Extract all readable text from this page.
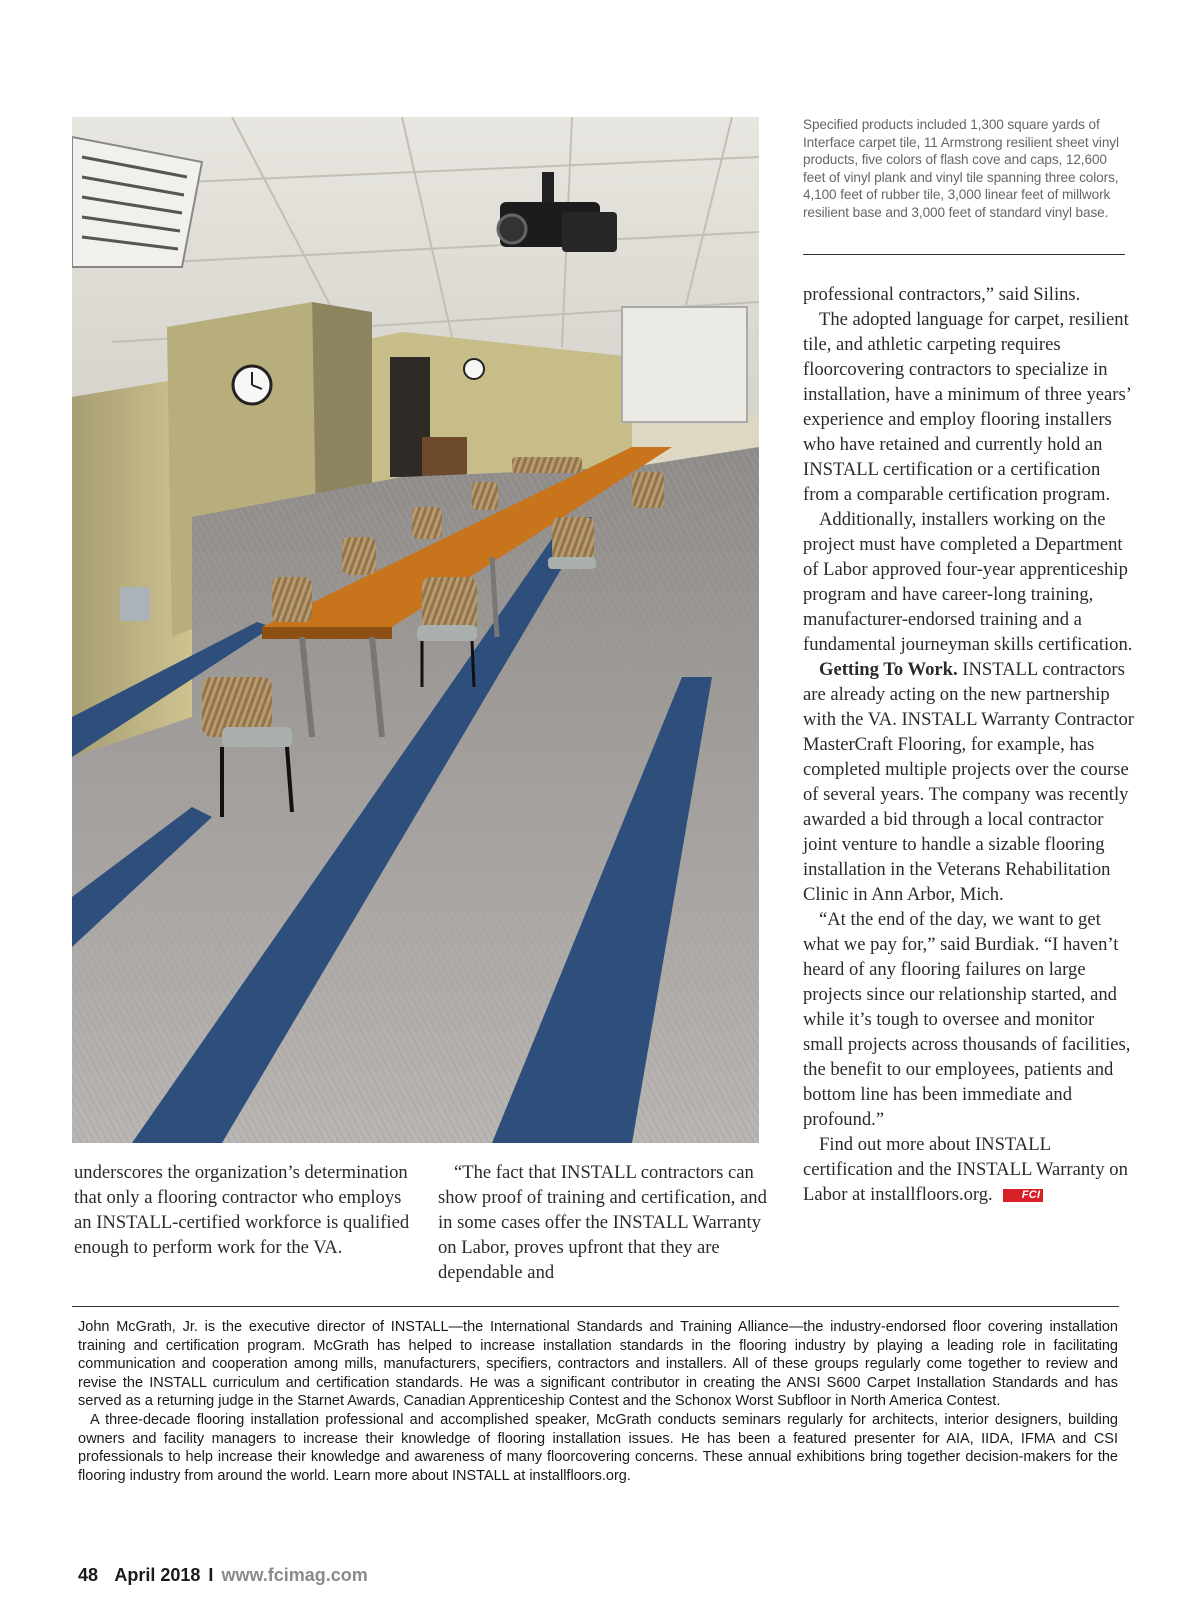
Specified products included 1,300 square yards of Interface carpet tile, 11 Armstrong resilient sheet vinyl products, five colors of flash cove and caps, 12,600 feet of vinyl plank and vinyl tile spanning three colors, 4,100 feet of rubber tile, 3,000 linear feet of millwork resilient base and 3,000 feet of standard vinyl base.

professional contractors,” said Silins.

The adopted language for carpet, resilient tile, and athletic carpeting requires floorcovering contractors to specialize in installation, have a minimum of three years’ experience and employ flooring installers who have retained and currently hold an INSTALL certification or a certification from a comparable certification program.

Additionally, installers working on the project must have completed a Department of Labor approved four-year apprenticeship program and have career-long training, manufacturer-endorsed training and a fundamental journeyman skills certification.

Getting To Work. INSTALL contractors are already acting on the new partnership with the VA. INSTALL Warranty Contractor MasterCraft Flooring, for example, has completed multiple projects over the course of several years. The company was recently awarded a bid through a local contractor joint venture to handle a sizable flooring installation in the Veterans Rehabilitation Clinic in Ann Arbor, Mich.

“At the end of the day, we want to get what we pay for,” said Burdiak. “I haven’t heard of any flooring failures on large projects since our relationship started, and while it’s tough to oversee and monitor small projects across thousands of facilities, the benefit to our employees, patients and bottom line has been immediate and profound.”

Find out more about INSTALL certification and the INSTALL Warranty on Labor at installfloors.org.	FCI

underscores the organization’s determination that only a flooring contractor who employs an INSTALL-certified workforce is qualified enough to perform work for the VA.

“The fact that INSTALL contractors can show proof of training and certification, and in some cases offer the INSTALL Warranty on Labor, proves upfront that they are dependable and

John McGrath, Jr. is the executive director of INSTALL—the International Standards and Training Alliance—the industry-endorsed floor covering installation training and certification program. McGrath has helped to increase installation standards in the flooring industry by playing a leading role in facilitating communication and cooperation among mills, manufacturers, specifiers, contractors and installers. All of these groups regularly come together to review and revise the INSTALL curriculum and certification standards. He was a significant contributor in creating the ANSI S600 Carpet Installation Standards and has served as a returning judge in the Starnet Awards, Canadian Apprenticeship Contest and the Schonox Worst Subfloor in North America Contest.

A three-decade flooring installation professional and accomplished speaker, McGrath conducts seminars regularly for architects, interior designers, building owners and facility managers to increase their knowledge of flooring installation issues. He has been a featured presenter for AIA, IIDA, IFMA and CSI professionals to help increase their knowledge and awareness of many floorcovering concerns. These annual exhibitions bring together decision-makers for the flooring industry from around the world. Learn more about INSTALL at installfloors.org.

48 April 2018 I www.fcimag.com
